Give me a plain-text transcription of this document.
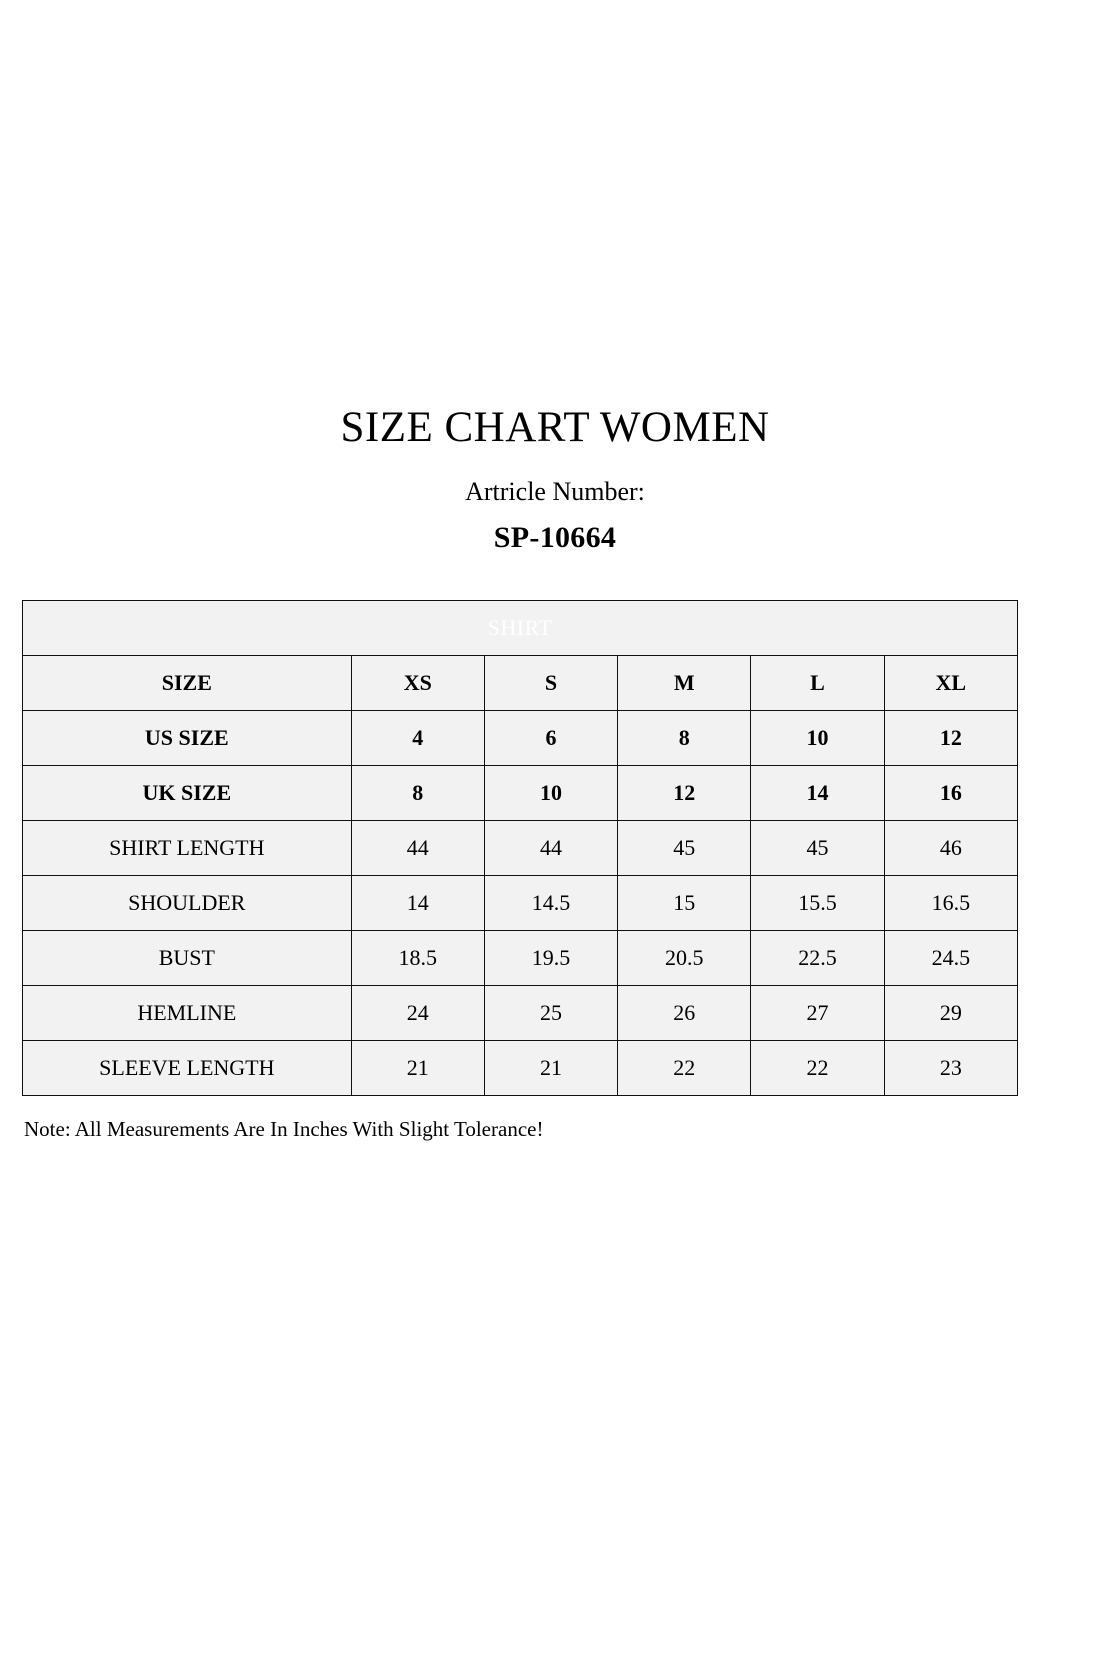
SIZE CHART WOMEN
Artricle Number:
SP-10664
SHIRT					
SIZE	XS	S	M	L	XL
US SIZE	4	6	8	10	12
UK SIZE	8	10	12	14	16
SHIRT LENGTH	44	44	45	45	46
SHOULDER	14	14.5	15	15.5	16.5
BUST	18.5	19.5	20.5	22.5	24.5
HEMLINE	24	25	26	27	29
SLEEVE LENGTH	21	21	22	22	23
Note: All Measurements Are In Inches With Slight Tolerance!
